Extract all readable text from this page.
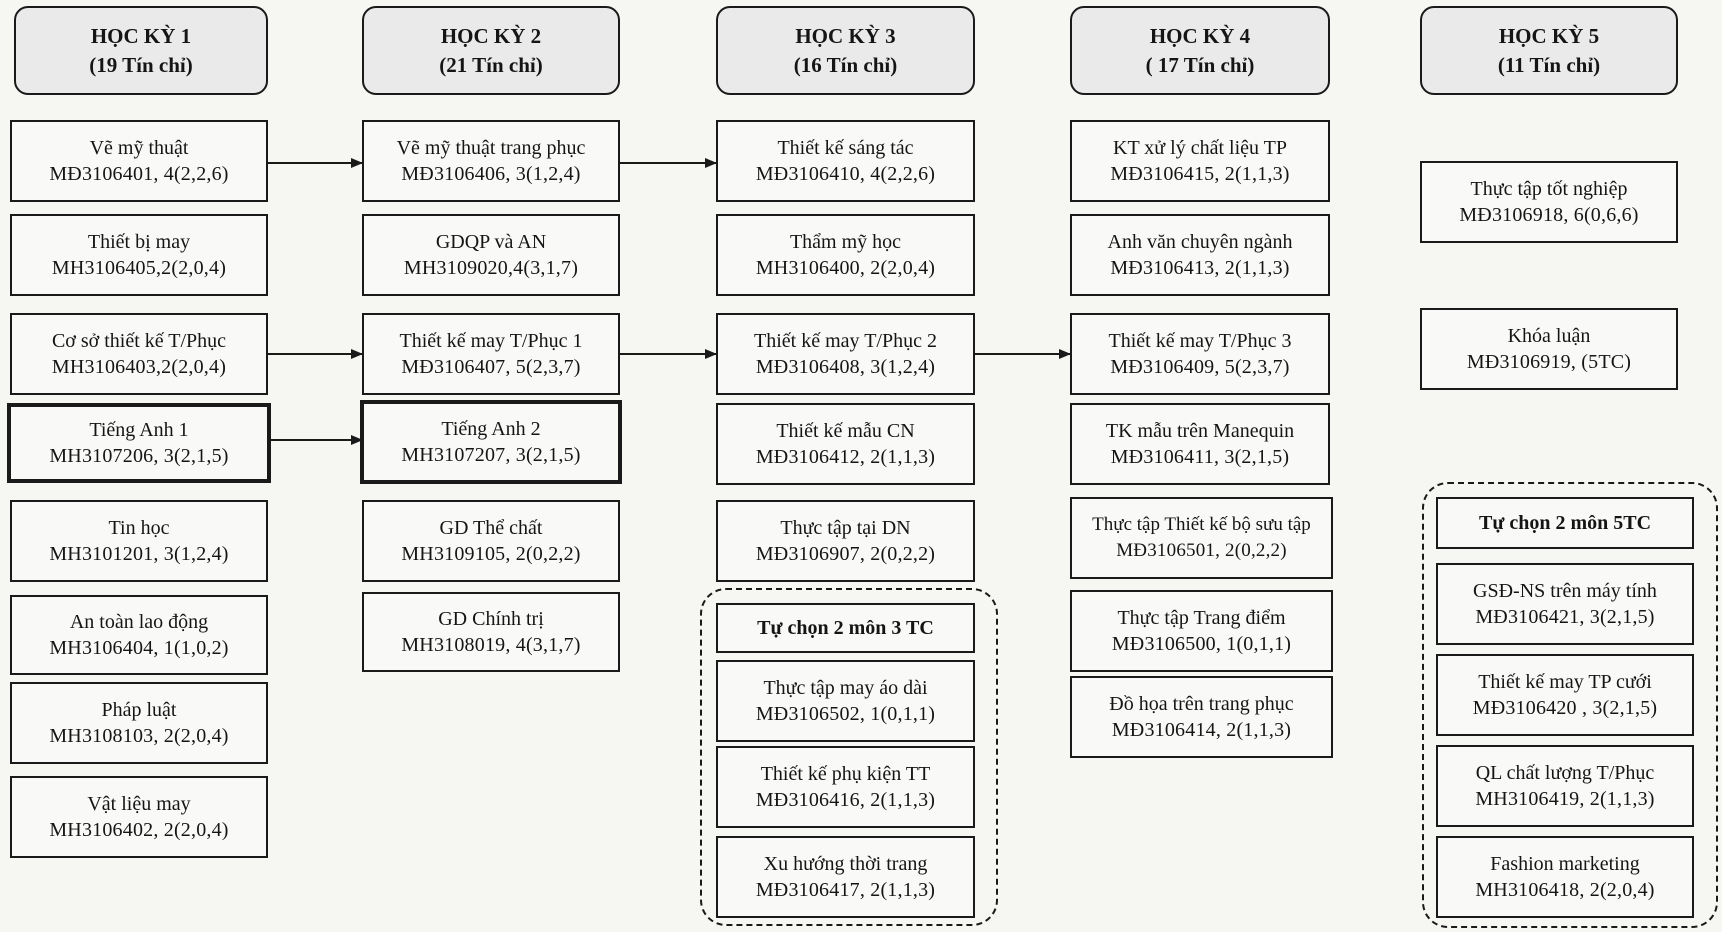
HỌC KỲ 1
(19 Tín chỉ)
Vẽ mỹ thuật
MĐ3106401, 4(2,2,6)
Thiết bị may
MH3106405,2(2,0,4)
Cơ sở thiết kế T/Phục
MH3106403,2(2,0,4)
Tiếng Anh 1
MH3107206, 3(2,1,5)
Tin học
MH3101201, 3(1,2,4)
An toàn lao động
MH3106404, 1(1,0,2)
Pháp luật
MH3108103, 2(2,0,4)
Vật liệu may
MH3106402, 2(2,0,4)
HỌC KỲ 2
(21 Tín chỉ)
Vẽ mỹ thuật trang phục
MĐ3106406, 3(1,2,4)
GDQP và AN
MH3109020,4(3,1,7)
Thiết kế may T/Phục 1
MĐ3106407, 5(2,3,7)
Tiếng Anh 2
MH3107207, 3(2,1,5)
GD Thể chất
MH3109105, 2(0,2,2)
GD Chính trị
MH3108019, 4(3,1,7)
HỌC KỲ 3
(16 Tín chỉ)
Thiết kế sáng tác
MĐ3106410, 4(2,2,6)
Thẩm mỹ học
MH3106400, 2(2,0,4)
Thiết kế may T/Phục 2
MĐ3106408, 3(1,2,4)
Thiết kế mẫu CN
MĐ3106412, 2(1,1,3)
Thực tập tại DN
MĐ3106907, 2(0,2,2)
Tự chọn 2 môn 3 TC
Thực tập may áo dài
MĐ3106502, 1(0,1,1)
Thiết kế phụ kiện TT
MĐ3106416, 2(1,1,3)
Xu hướng thời trang
MĐ3106417, 2(1,1,3)
HỌC KỲ 4
( 17 Tín chỉ)
KT xử lý chất liệu TP
MĐ3106415, 2(1,1,3)
Anh văn chuyên ngành
MĐ3106413, 2(1,1,3)
Thiết kế may T/Phục 3
MĐ3106409, 5(2,3,7)
TK mẫu trên Manequin
MĐ3106411, 3(2,1,5)
Thực tập Thiết kế bộ sưu tập
MĐ3106501, 2(0,2,2)
Thực tập Trang điểm
MĐ3106500, 1(0,1,1)
Đồ họa trên trang phục
MĐ3106414, 2(1,1,3)
HỌC KỲ 5
(11 Tín chỉ)
Thực tập tốt nghiệp
MĐ3106918, 6(0,6,6)
Khóa luận
MĐ3106919, (5TC)
Tự chọn 2 môn 5TC
GSĐ-NS trên máy tính
MĐ3106421, 3(2,1,5)
Thiết kế may TP cưới
MĐ3106420 , 3(2,1,5)
QL chất lượng T/Phục
MH3106419, 2(1,1,3)
Fashion marketing
MH3106418, 2(2,0,4)
